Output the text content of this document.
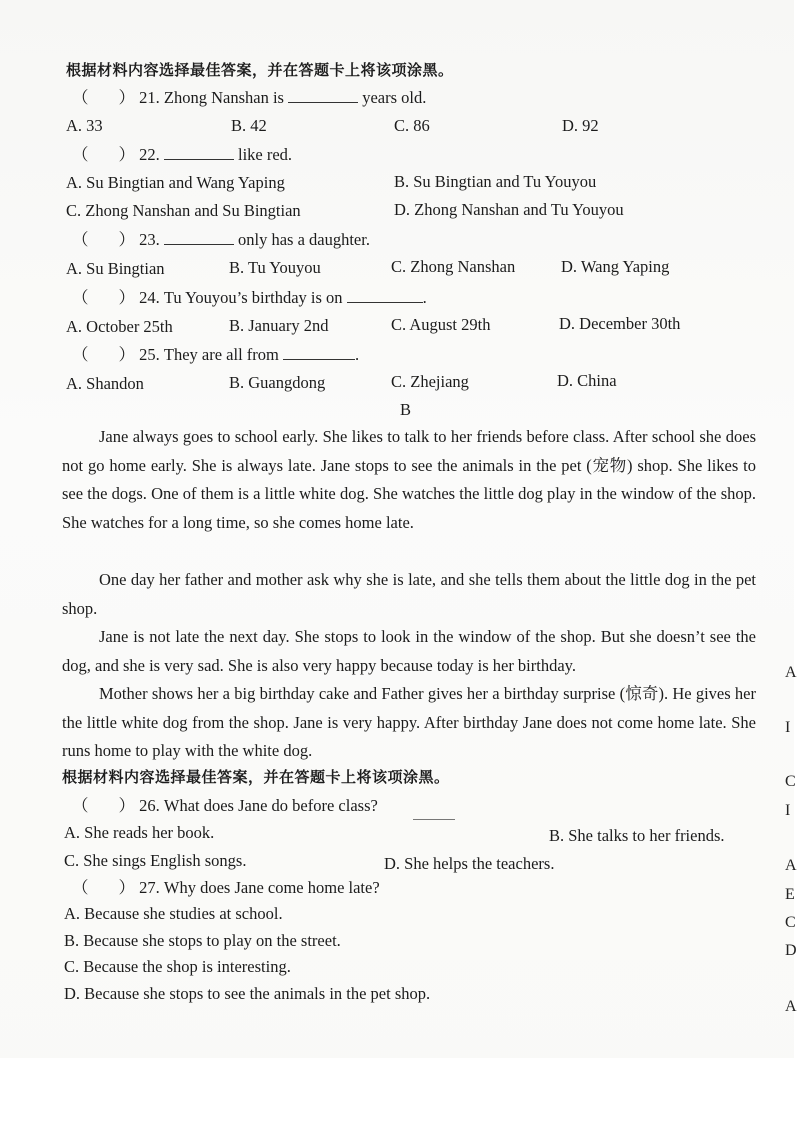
根据材料内容选择最佳答案，并在答题卡上将该项涂黑。
（ ） 21. Zhong Nanshan is	years old.
A. 33	B. 42	C. 86	D. 92
（ ） 22.	like red.
A. Su Bingtian and Wang Yaping	B. Su Bingtian and Tu Youyou
C. Zhong Nanshan and Su Bingtian	D. Zhong Nanshan and Tu Youyou
（ ） 23.	only has a daughter.
A. Su Bingtian	B. Tu Youyou	C. Zhong Nanshan	D. Wang Yaping
（ ） 24. Tu Youyou’s birthday is on	.
A. October 25th	B. January 2nd	C. August 29th	D. December 30th
（ ） 25. They are all from	.
A. Shandon	B. Guangdong	C. Zhejiang	D. China
B
Jane always goes to school early. She likes to talk to her friends before class. After school she does not go home early. She is always late. Jane stops to see the animals in the pet (宠物) shop. She likes to see the dogs. One of them is a little white dog. She watches the little dog play in the window of the shop. She watches for a long time, so she comes home late.
One day her father and mother ask why she is late, and she tells them about the little dog in the pet shop.
Jane is not late the next day. She stops to look in the window of the shop. But she doesn’t see the dog, and she is very sad. She is also very happy because today is her birthday.
Mother shows her a big birthday cake and Father gives her a birthday surprise (惊奇). He gives her the little white dog from the shop. Jane is very happy. After birthday Jane does not come home late. She runs home to play with the white dog.
根据材料内容选择最佳答案，并在答题卡上将该项涂黑。
（ ） 26. What does Jane do before class?
A. She reads her book.	B. She talks to her friends.
C. She sings English songs.	D. She helps the teachers.
（ ） 27. Why does Jane come home late?
A. Because she studies at school.
B. Because she stops to play on the street.
C. Because the shop is interesting.
D. Because she stops to see the animals in the pet shop.
A
I
C
I
A
E
C
D
A
